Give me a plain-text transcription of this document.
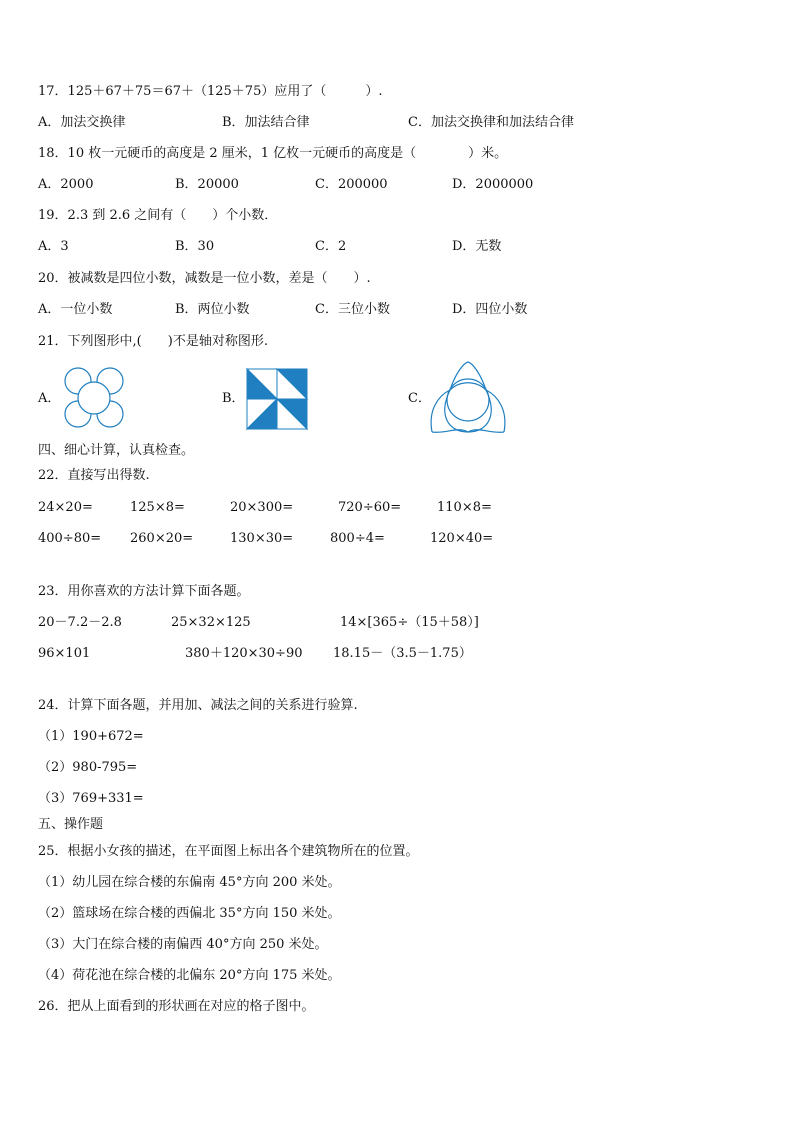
17．125＋67＋75＝67＋（125＋75）应用了（　　　）.
A．加法交换律	B．加法结合律	C．加法交换律和加法结合律
18．10 枚一元硬币的高度是 2 厘米，1 亿枚一元硬币的高度是（　　　　）米。
A．2000	B．20000	C．200000	D．2000000
19．2.3 到 2.6 之间有（　　）个小数．
A．3	B．30	C．2	D．无数
20．被减数是四位小数，减数是一位小数，差是（　　）.
A．一位小数	B．两位小数	C．三位小数	D．四位小数
21．下列图形中,(　　)不是轴对称图形.
A．	B．	C．
四、细心计算，认真检查。
22．直接写出得数.
24×20=	125×8=	20×300=	720÷60=	110×8=
400÷80= 260×20=	130×30=	800÷4=	120×40=
23．用你喜欢的方法计算下面各题。
20－7.2－2.8	25×32×125	14×[365÷（15＋58）]
96×101	380＋120×30÷90 18.15－（3.5－1.75）
24．计算下面各题，并用加、减法之间的关系进行验算.
（1）190+672=
（2）980-795=
（3）769+331=
五、操作题
25．根据小女孩的描述，在平面图上标出各个建筑物所在的位置。
（1）幼儿园在综合楼的东偏南 45°方向 200 米处。
（2）篮球场在综合楼的西偏北 35°方向 150 米处。
（3）大门在综合楼的南偏西 40°方向 250 米处。
（4）荷花池在综合楼的北偏东 20°方向 175 米处。
26．把从上面看到的形状画在对应的格子图中。
